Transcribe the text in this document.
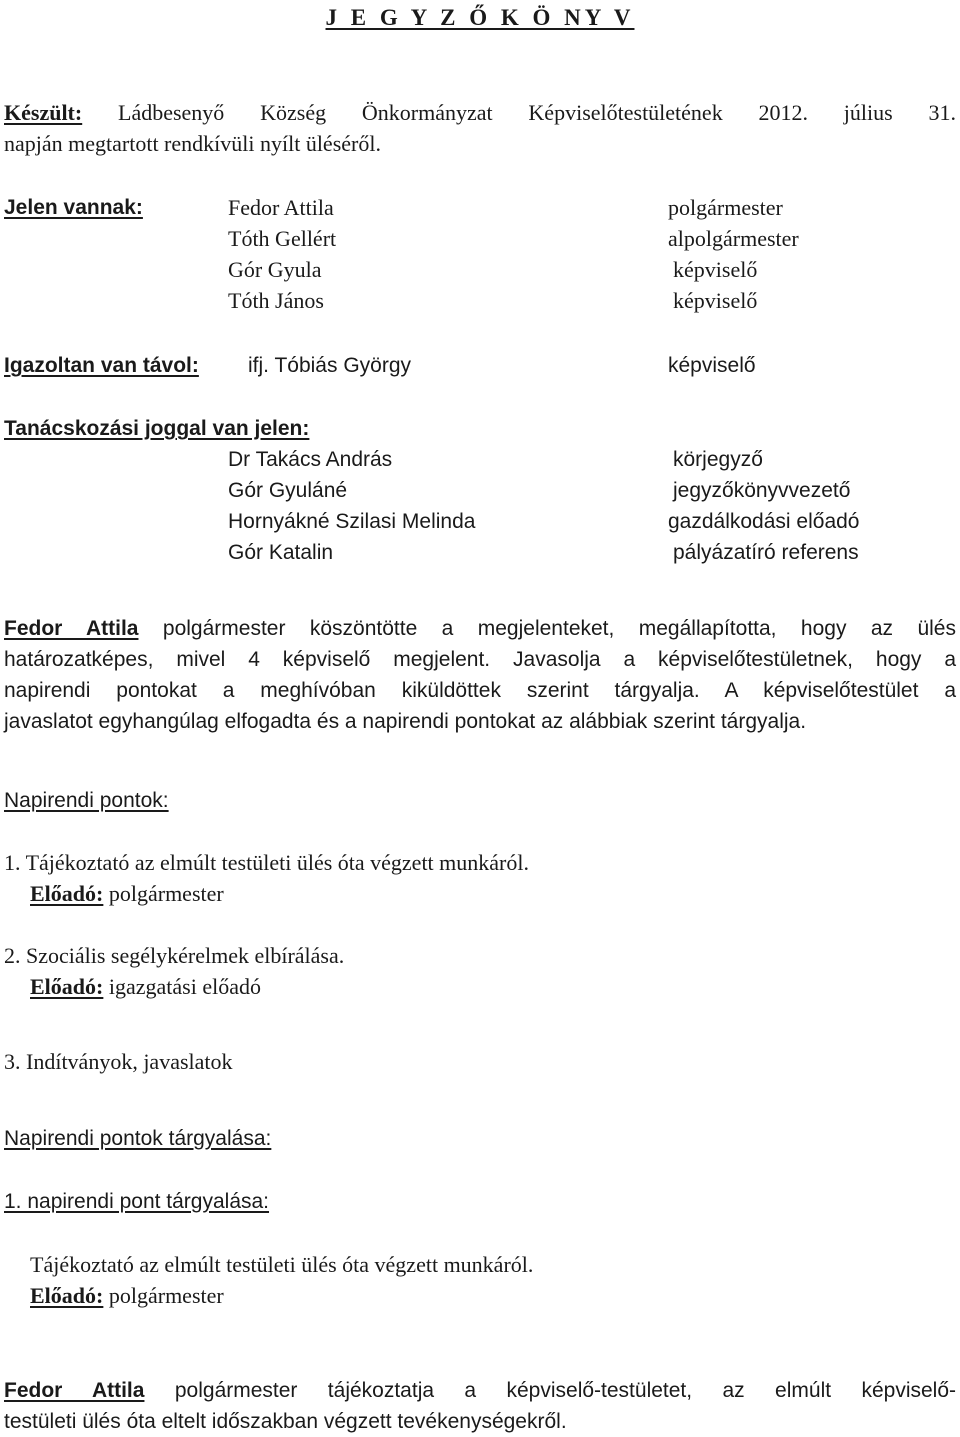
J E G Y Z Ő K Ö NY V
Készült: Ládbesenyő Község Önkormányzat Képviselőtestületének 2012. július 31.
napján megtartott rendkívüli nyílt üléséről.
Jelen vannak:	Fedor Attila	polgármester
Tóth Gellért	alpolgármester
Gór Gyula	képviselő
Tóth János	képviselő
Igazoltan van távol: ifj. Tóbiás György	képviselő
Tanácskozási joggal van jelen:
Dr Takács András	körjegyző
Gór Gyuláné	jegyzőkönyvvezető
Hornyákné Szilasi Melinda	gazdálkodási előadó
Gór Katalin	pályázatíró referens
Fedor Attila polgármester köszöntötte a megjelenteket, megállapította, hogy az ülés
határozatképes, mivel 4 képviselő megjelent. Javasolja a képviselőtestületnek, hogy a
napirendi pontokat a meghívóban kiküldöttek szerint tárgyalja. A képviselőtestület a
javaslatot egyhangúlag elfogadta és a napirendi pontokat az alábbiak szerint tárgyalja.
Napirendi pontok:
1. Tájékoztató az elmúlt testületi ülés óta végzett munkáról.
Előadó: polgármester
2. Szociális segélykérelmek elbírálása.
Előadó: igazgatási előadó
3. Indítványok, javaslatok
Napirendi pontok tárgyalása:
1. napirendi pont tárgyalása:
Tájékoztató az elmúlt testületi ülés óta végzett munkáról.
Előadó: polgármester
Fedor Attila polgármester tájékoztatja a képviselő-testületet, az elmúlt képviselő-
testületi ülés óta eltelt időszakban végzett tevékenységekről.
